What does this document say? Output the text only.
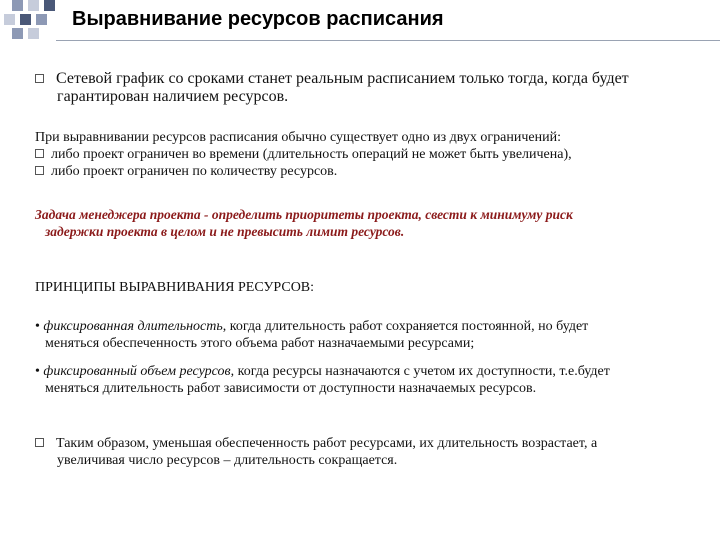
Выравнивание ресурсов расписания
Сетевой график со сроками станет реальным расписанием только тогда, когда будет
гарантирован наличием ресурсов.
При выравнивании ресурсов расписания обычно существует одно из двух ограничений:
либо проект ограничен во времени (длительность операций не может быть увеличена),
либо проект ограничен по количеству ресурсов.
Задача менеджера проекта - определить приоритеты проекта, свести к минимуму риск
задержки проекта в целом и не превысить лимит ресурсов.
ПРИНЦИПЫ ВЫРАВНИВАНИЯ РЕСУРСОВ:
• фиксированная длительность, когда длительность работ сохраняется постоянной, но будет
меняться обеспеченность этого объема работ назначаемыми ресурсами;
• фиксированный объем ресурсов, когда ресурсы назначаются с учетом их доступности, т.е.будет
меняться длительность работ зависимости от доступности назначаемых ресурсов.
Таким образом, уменьшая обеспеченность работ ресурсами, их длительность возрастает, а
увеличивая число ресурсов – длительность сокращается.
